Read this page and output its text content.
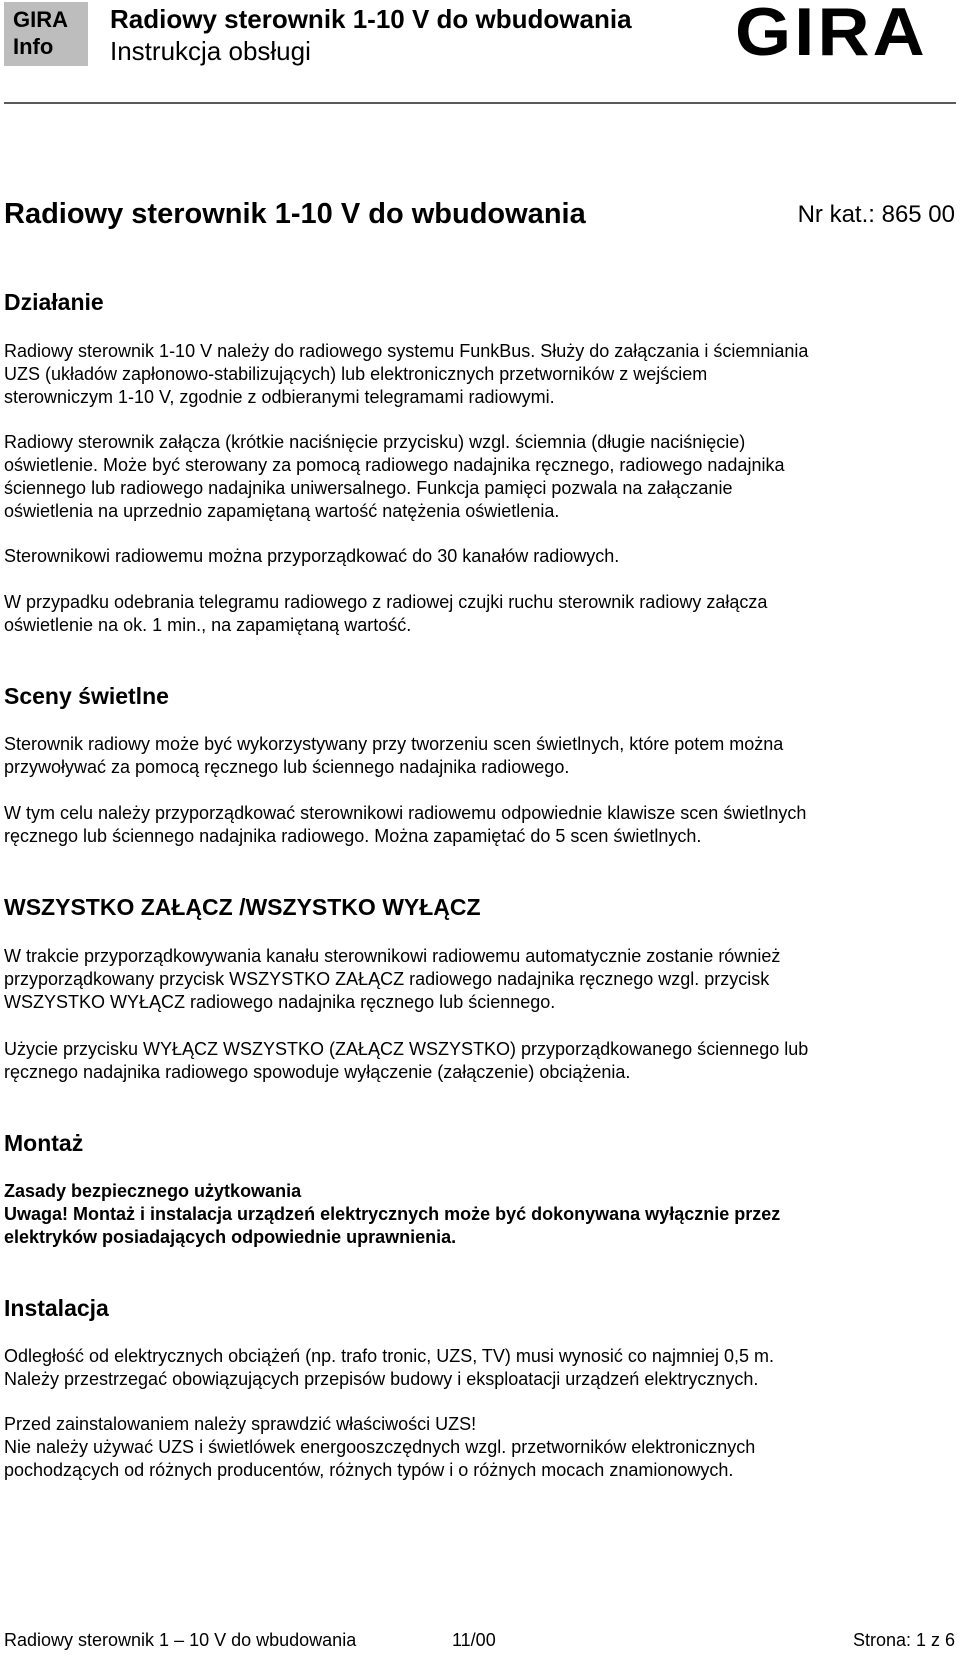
GIRA
Info
Radiowy sterownik 1-10 V do wbudowania
Instrukcja obsługi	GIRA
Radiowy sterownik 1-10 V do wbudowania	Nr kat.: 865 00
Działanie
Radiowy sterownik 1-10 V należy do radiowego systemu FunkBus. Służy do załączania i ściemniania
UZS (układów zapłonowo-stabilizujących) lub elektronicznych przetworników z wejściem
sterowniczym 1-10 V, zgodnie z odbieranymi telegramami radiowymi.
Radiowy sterownik załącza (krótkie naciśnięcie przycisku) wzgl. ściemnia (długie naciśnięcie)
oświetlenie. Może być sterowany za pomocą radiowego nadajnika ręcznego, radiowego nadajnika
ściennego lub radiowego nadajnika uniwersalnego. Funkcja pamięci pozwala na załączanie
oświetlenia na uprzednio zapamiętaną wartość natężenia oświetlenia.
Sterownikowi radiowemu można przyporządkować do 30 kanałów radiowych.
W przypadku odebrania telegramu radiowego z radiowej czujki ruchu sterownik radiowy załącza
oświetlenie na ok. 1 min., na zapamiętaną wartość.
Sceny świetlne
Sterownik radiowy może być wykorzystywany przy tworzeniu scen świetlnych, które potem można
przywoływać za pomocą ręcznego lub ściennego nadajnika radiowego.
W tym celu należy przyporządkować sterownikowi radiowemu odpowiednie klawisze scen świetlnych
ręcznego lub ściennego nadajnika radiowego. Można zapamiętać do 5 scen świetlnych.
WSZYSTKO ZAŁĄCZ /WSZYSTKO WYŁĄCZ
W trakcie przyporządkowywania kanału sterownikowi radiowemu automatycznie zostanie również
przyporządkowany przycisk WSZYSTKO ZAŁĄCZ radiowego nadajnika ręcznego wzgl. przycisk
WSZYSTKO WYŁĄCZ radiowego nadajnika ręcznego lub ściennego.
Użycie przycisku WYŁĄCZ WSZYSTKO (ZAŁĄCZ WSZYSTKO) przyporządkowanego ściennego lub
ręcznego nadajnika radiowego spowoduje wyłączenie (załączenie) obciążenia.
Montaż
Zasady bezpiecznego użytkowania
Uwaga! Montaż i instalacja urządzeń elektrycznych może być dokonywana wyłącznie przez
elektryków posiadających odpowiednie uprawnienia.
Instalacja
Odległość od elektrycznych obciążeń (np. trafo tronic, UZS, TV) musi wynosić co najmniej 0,5 m.
Należy przestrzegać obowiązujących przepisów budowy i eksploatacji urządzeń elektrycznych.
Przed zainstalowaniem należy sprawdzić właściwości UZS!
Nie należy używać UZS i świetlówek energooszczędnych wzgl. przetworników elektronicznych
pochodzących od różnych producentów, różnych typów i o różnych mocach znamionowych.
Radiowy sterownik 1 – 10 V do wbudowania	11/00	Strona: 1 z 6
